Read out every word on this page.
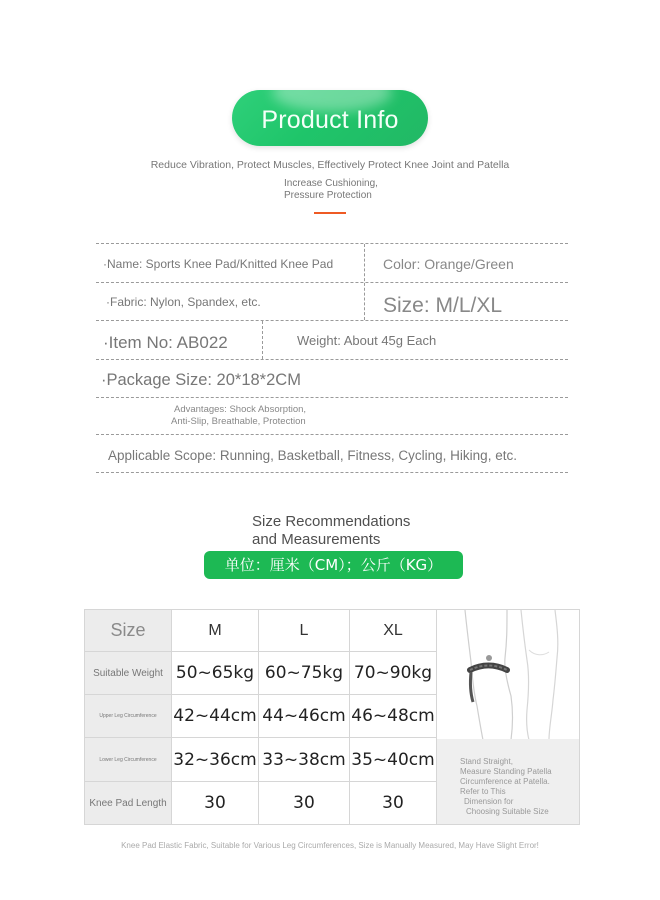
Product Info
Reduce Vibration, Protect Muscles, Effectively Protect Knee Joint and Patella
Increase Cushioning,
Pressure Protection
·Name: Sports Knee Pad/Knitted Knee Pad	Color: Orange/Green
·Fabric: Nylon, Spandex, etc.	Size: M/L/XL
·Item No: AB022	Weight: About 45g Each
·Package Size: 20*18*2CM
Advantages: Shock Absorption,
Anti-Slip, Breathable, Protection
Applicable Scope: Running, Basketball, Fitness, Cycling, Hiking, etc.
Size Recommendations
and Measurements
单位：厘米（CM）；公斤（KG）
Size	M	L	XL
Suitable Weight	50~65kg	60~75kg	70~90kg
Upper Leg Circumference	42~44cm	44~46cm	46~48cm
Lower Leg Circumference	32~36cm	33~38cm	35~40cm
Knee Pad Length	30	30	30
Stand Straight,
Measure Standing Patella
Circumference at Patella.
Refer to This
Dimension for
Choosing Suitable Size
Knee Pad Elastic Fabric, Suitable for Various Leg Circumferences, Size is Manually Measured, May Have Slight Error!
